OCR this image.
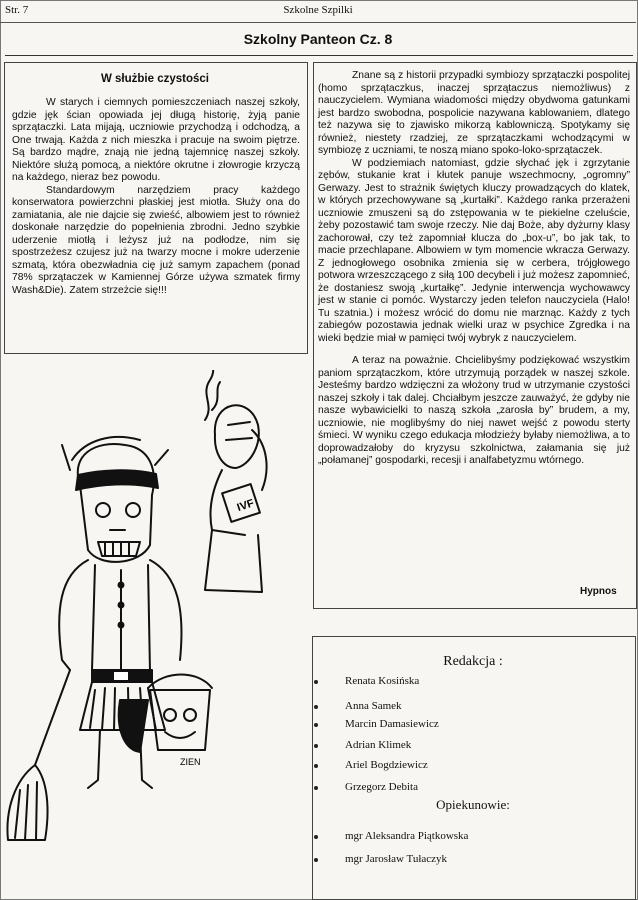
Str. 7	Szkolne Szpilki
Szkolny Panteon Cz. 8
W służbie czystości

W starych i ciemnych pomieszczeniach naszej szkoły, gdzie jęk ścian opowiada jej długą historię, żyją panie sprzątaczki. Lata mijają, uczniowie przychodzą i odchodzą, a One trwają. Każda z nich mieszka i pracuje na swoim piętrze. Są bardzo mądre, znają nie jedną tajemnicę naszej szkoły. Niektóre służą pomocą, a niektóre okrutne i złowrogie krzyczą na każdego, nieraz bez powodu.

Standardowym narzędziem pracy każdego konserwatora powierzchni płaskiej jest miotła. Służy ona do zamiatania, ale nie dajcie się zwieść, albowiem jest to również doskonałe narzędzie do popełnienia zbrodni. Jedno szybkie uderzenie miotłą i leżysz już na podłodze, nim się spostrzeżesz czujesz już na twarzy mocne i mokre uderzenie szmatą, która obezwładnia cię już samym zapachem (ponad 78% sprzątaczek w Kamiennej Górze używa szmatek firmy Wash&Die). Zatem strzeżcie się!!!

Znane są z historii przypadki symbiozy sprzątaczki pospolitej (homo sprzątaczkus, inaczej sprzątaczus niemożliwus) z nauczycielem. Wymiana wiadomości między obydwoma gatunkami jest bardzo swobodna, pospolicie nazywana kablowaniem, dlatego też nazywa się to zjawisko mikorzą kablowniczą. Spotykamy się również, niestety rzadziej, ze sprzątaczkami wchodzącymi w symbiozę z uczniami, te noszą miano spoko-loko-sprzątaczek.

W podziemiach natomiast, gdzie słychać jęk i zgrzytanie zębów, stukanie krat i kłutek panuje wszechmocny, „ogromny” Gerwazy. Jest to strażnik świętych kluczy prowadzących do klatek, w których przechowywane są „kurtałki”. Każdego ranka przerażeni uczniowie zmuszeni są do zstępowania w te piekielne czeluście, żeby pozostawić tam swoje rzeczy. Nie daj Boże, aby dyżurny klasy zachorował, czy też zapomniał klucza do „box-u”, bo jak tak, to macie przechlapane. Albowiem w tym momencie wkracza Gerwazy. Z jednogłowego osobnika zmienia się w cerbera, trójgłowego potwora wrzeszczącego z siłą 100 decybeli i już możesz zapomnieć, że dostaniesz swoją „kurtałkę”. Jedynie interwencja wychowawcy jest w stanie ci pomóc. Wystarczy jeden telefon nauczyciela (Halo! Tu szatnia.) i możesz wrócić do domu nie marznąc. Każdy z tych zabiegów pozostawia jednak wielki uraz w psychice Zgredka i na wieki będzie miał w pamięci twój wybryk z nauczycielem.

A teraz na poważnie. Chcielibyśmy podziękować wszystkim paniom sprzątaczkom, które utrzymują porządek w naszej szkole. Jesteśmy bardzo wdzięczni za włożony trud w utrzymanie czystości naszej szkoły i tak dalej. Chciałbym jeszcze zauważyć, że gdyby nie nasze wybawicielki to naszą szkoła „zarosła by” brudem, a my, uczniowie, nie moglibyśmy do niej nawet wejść z powodu sterty śmieci. W wyniku czego edukacja młodzieży byłaby niemożliwa, a to doprowadzałoby do kryzysu szkolnictwa, załamania się już „połamanej” gospodarki, recesji i analfabetyzmu wtórnego.

Hypnos
Redakcja :
Renata Kosińska
Anna Samek
Marcin Damasiewicz
Adrian Klimek
Ariel Bogdziewicz
Grzegorz Debita
Opiekunowie:
mgr Aleksandra Piątkowska
mgr Jarosław Tułaczyk
IVF
ZIEN
